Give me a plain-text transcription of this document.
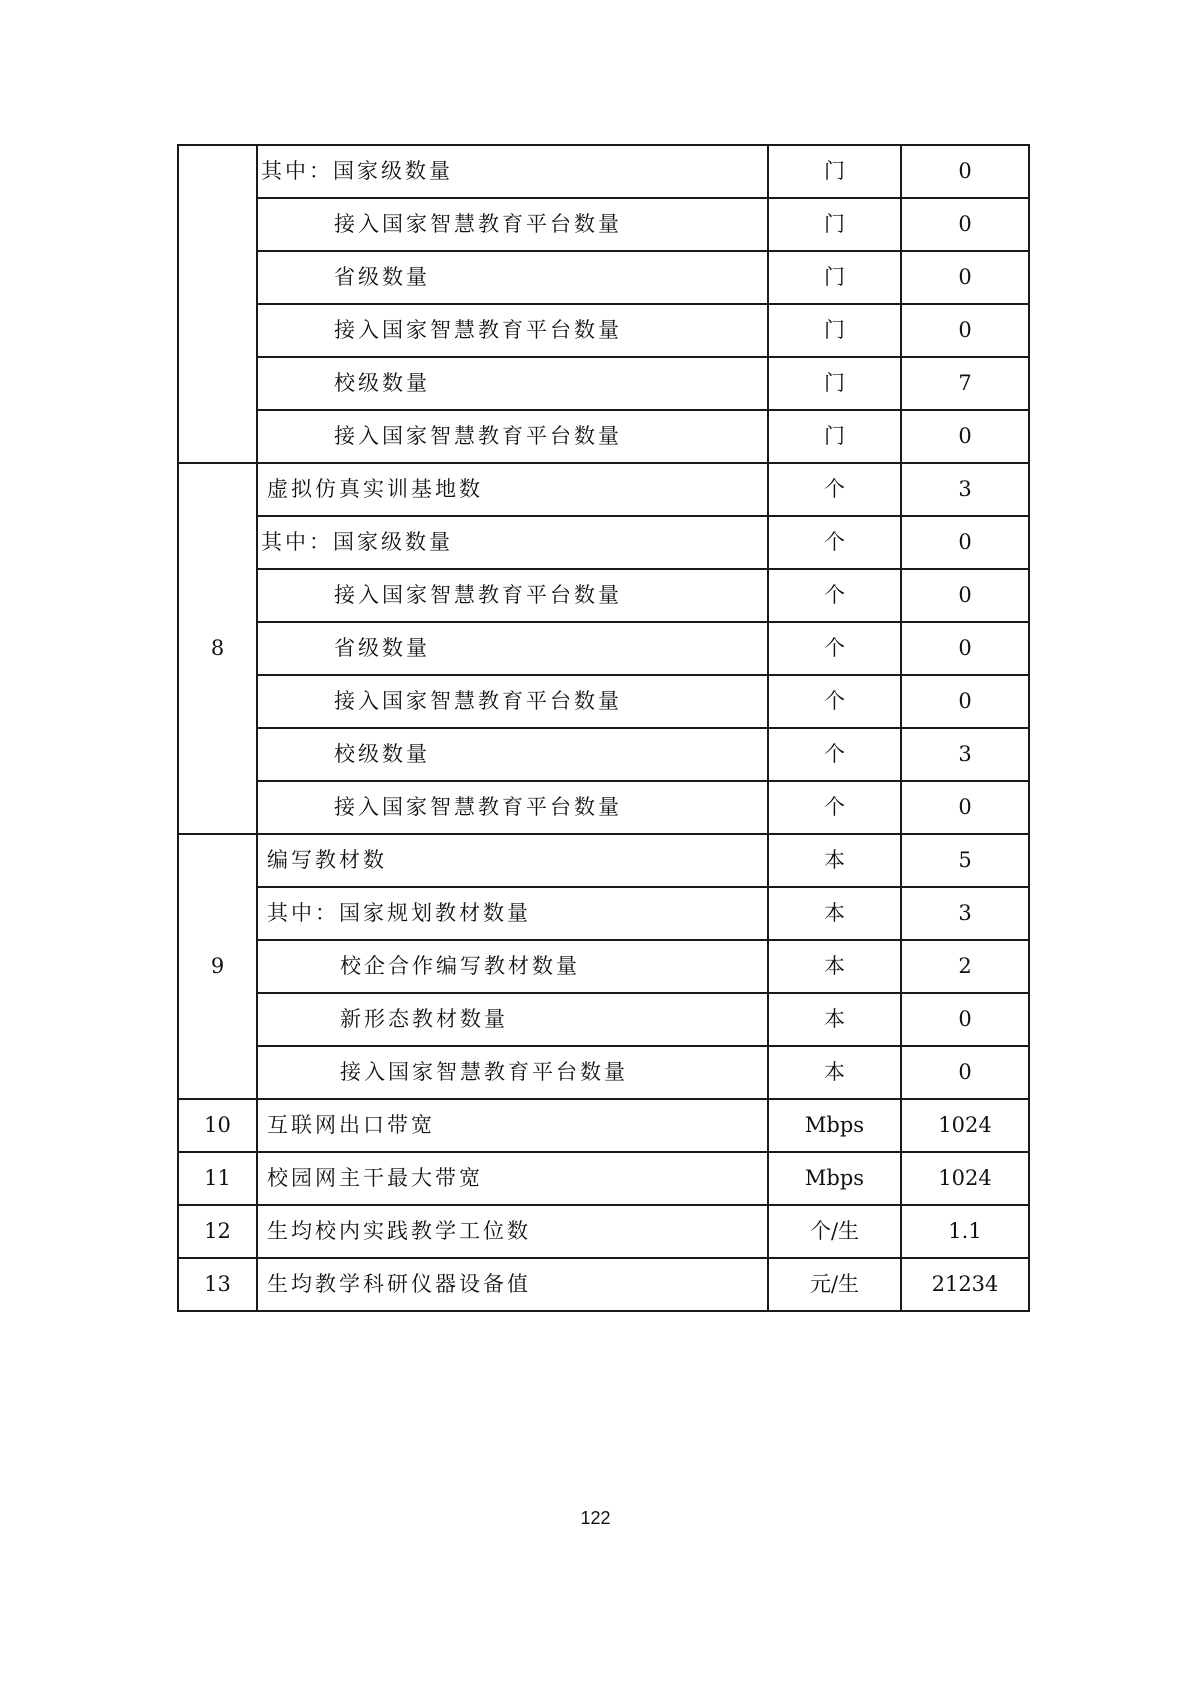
	其中：国家级数量	门	0
	接入国家智慧教育平台数量	门	0
	省级数量	门	0
	接入国家智慧教育平台数量	门	0
	校级数量	门	7
	接入国家智慧教育平台数量	门	0
8	虚拟仿真实训基地数	个	3
	其中：国家级数量	个	0
	接入国家智慧教育平台数量	个	0
	省级数量	个	0
	接入国家智慧教育平台数量	个	0
	校级数量	个	3
	接入国家智慧教育平台数量	个	0
9	编写教材数	本	5
	其中：国家规划教材数量	本	3
	校企合作编写教材数量	本	2
	新形态教材数量	本	0
	接入国家智慧教育平台数量	本	0
10	互联网出口带宽	Mbps	1024
11	校园网主干最大带宽	Mbps	1024
12	生均校内实践教学工位数	个/生	1.1
13	生均教学科研仪器设备值	元/生	21234
122
